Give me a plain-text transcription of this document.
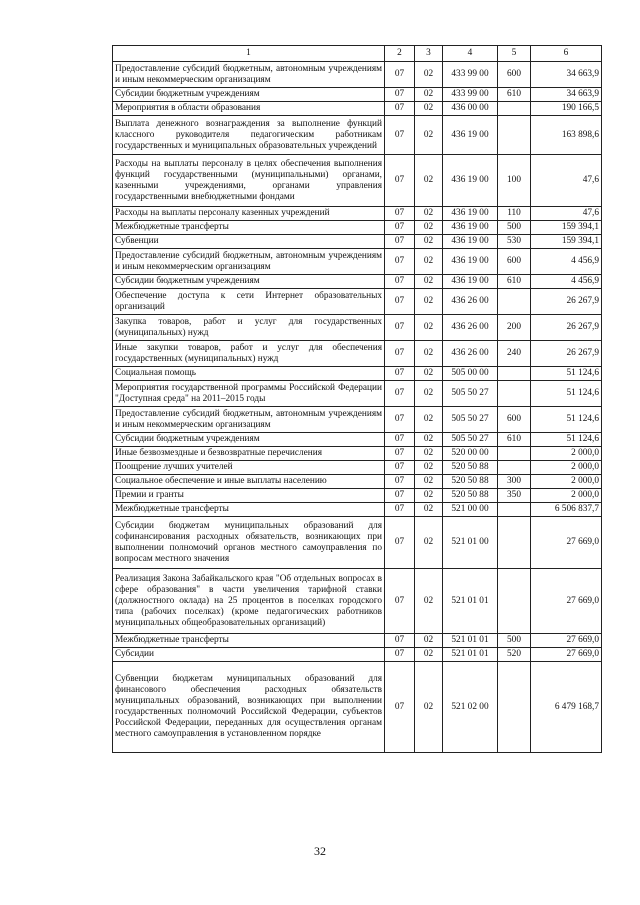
1	2	3	4	5	6
Предоставление субсидий бюджетным, автономным учреждениям и иным некоммерческим организациям	07	02	433 99 00	600	34 663,9
Субсидии бюджетным учреждениям	07	02	433 99 00	610	34 663,9
Мероприятия в области образования	07	02	436 00 00		190 166,5
Выплата денежного вознаграждения за выполнение функций классного руководителя педагогическим работникам государственных и муниципальных образовательных учреждений	07	02	436 19 00		163 898,6
Расходы на выплаты персоналу в целях обеспечения выполнения функций государственными (муниципальными) органами, казенными учреждениями, органами управления государственными внебюджетными фондами	07	02	436 19 00	100	47,6
Расходы на выплаты персоналу казенных учреждений	07	02	436 19 00	110	47,6
Межбюджетные трансферты	07	02	436 19 00	500	159 394,1
Субвенции	07	02	436 19 00	530	159 394,1
Предоставление субсидий бюджетным, автономным учреждениям и иным некоммерческим организациям	07	02	436 19 00	600	4 456,9
Субсидии бюджетным учреждениям	07	02	436 19 00	610	4 456,9
Обеспечение доступа к сети Интернет образовательных организаций	07	02	436 26 00		26 267,9
Закупка товаров, работ и услуг для государственных (муниципальных) нужд	07	02	436 26 00	200	26 267,9
Иные закупки товаров, работ и услуг для обеспечения государственных (муниципальных) нужд	07	02	436 26 00	240	26 267,9
Социальная помощь	07	02	505 00 00		51 124,6
Мероприятия государственной программы Российской Федерации "Доступная среда" на 2011–2015 годы	07	02	505 50 27		51 124,6
Предоставление субсидий бюджетным, автономным учреждениям и иным некоммерческим организациям	07	02	505 50 27	600	51 124,6
Субсидии бюджетным учреждениям	07	02	505 50 27	610	51 124,6
Иные безвозмездные и безвозвратные перечисления	07	02	520 00 00		2 000,0
Поощрение лучших учителей	07	02	520 50 88		2 000,0
Социальное обеспечение и иные выплаты населению	07	02	520 50 88	300	2 000,0
Премии и гранты	07	02	520 50 88	350	2 000,0
Межбюджетные трансферты	07	02	521 00 00		6 506 837,7
Субсидии бюджетам муниципальных образований для софинансирования расходных обязательств, возникающих при выполнении полномочий органов местного самоуправления по вопросам местного значения	07	02	521 01 00		27 669,0
Реализация Закона Забайкальского края "Об отдельных вопросах в сфере образования" в части увеличения тарифной ставки (должностного оклада) на 25 процентов в поселках городского типа (рабочих поселках) (кроме педагогических работников муниципальных общеобразовательных организаций)	07	02	521 01 01		27 669,0
Межбюджетные трансферты	07	02	521 01 01	500	27 669,0
Субсидии	07	02	521 01 01	520	27 669,0
Субвенции бюджетам муниципальных образований для финансового обеспечения расходных обязательств муниципальных образований, возникающих при выполнении государственных полномочий Российской Федерации, субъектов Российской Федерации, переданных для осуществления органам местного самоуправления в установленном порядке	07	02	521 02 00		6 479 168,7
32
